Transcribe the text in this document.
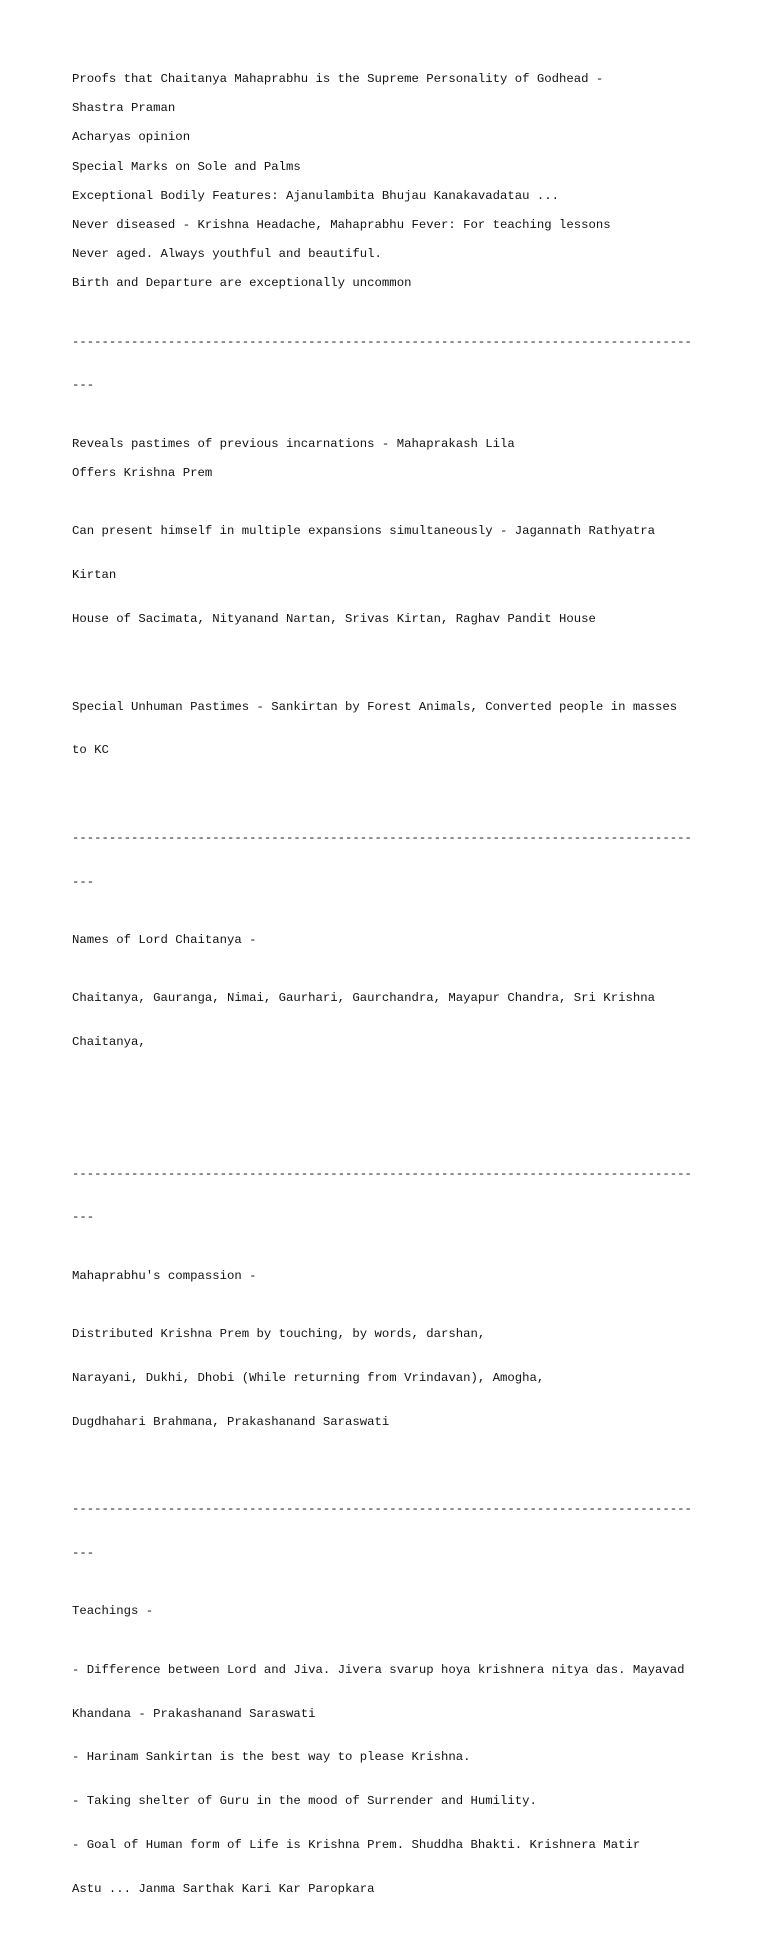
Proofs that Chaitanya Mahaprabhu is the Supreme Personality of Godhead -

Shastra Praman

Acharyas opinion

Special Marks on Sole and Palms

Exceptional Bodily Features: Ajanulambita Bhujau Kanakavadatau ...

Never diseased - Krishna Headache, Mahaprabhu Fever: For teaching lessons

Never aged. Always youthful and beautiful.

Birth and Departure are exceptionally uncommon

------------------------------------------------------------------------------------

---

Reveals pastimes of previous incarnations - Mahaprakash Lila

Offers Krishna Prem

Can present himself in multiple expansions simultaneously - Jagannath Rathyatra

Kirtan

House of Sacimata, Nityanand Nartan, Srivas Kirtan, Raghav Pandit House

Special Unhuman Pastimes - Sankirtan by Forest Animals, Converted people in masses

to KC

------------------------------------------------------------------------------------

---

Names of Lord Chaitanya -

Chaitanya, Gauranga, Nimai, Gaurhari, Gaurchandra, Mayapur Chandra, Sri Krishna

Chaitanya,

------------------------------------------------------------------------------------

---

Mahaprabhu's compassion -

Distributed Krishna Prem by touching, by words, darshan,

Narayani, Dukhi, Dhobi (While returning from Vrindavan), Amogha,

Dugdhahari Brahmana, Prakashanand Saraswati

------------------------------------------------------------------------------------

---

Teachings -

- Difference between Lord and Jiva. Jivera svarup hoya krishnera nitya das. Mayavad

Khandana - Prakashanand Saraswati

- Harinam Sankirtan is the best way to please Krishna.

- Taking shelter of Guru in the mood of Surrender and Humility.

- Goal of Human form of Life is Krishna Prem. Shuddha Bhakti. Krishnera Matir

Astu ... Janma Sarthak Kari Kar Paropkara
